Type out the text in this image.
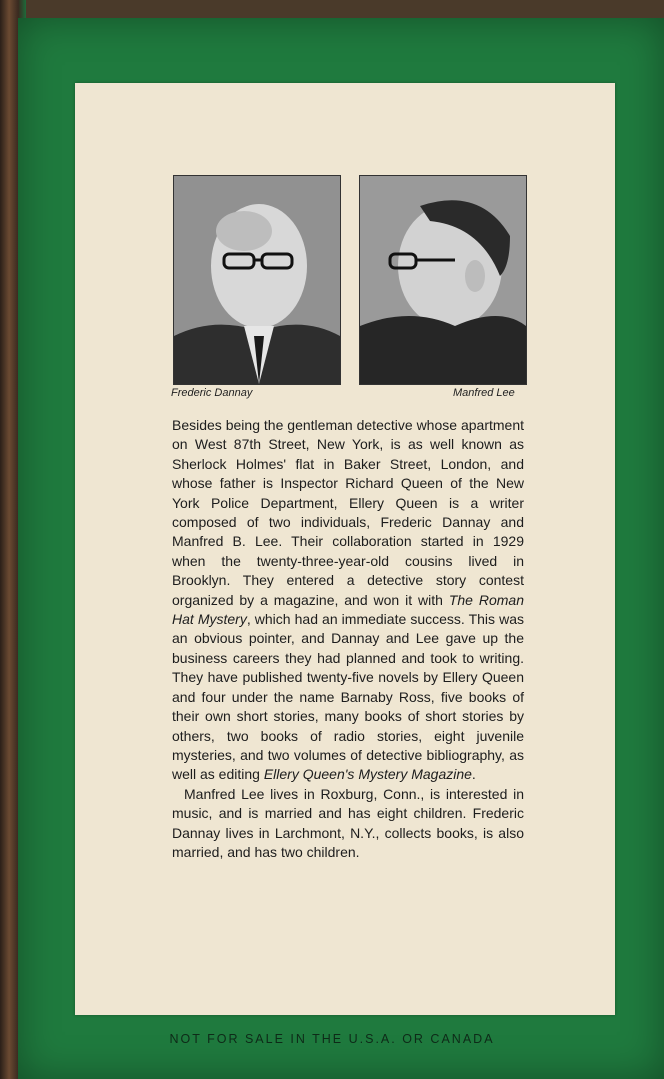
Frederic Dannay	Manfred Lee

Besides being the gentleman detective whose apartment on West 87th Street, New York, is as well known as Sherlock Holmes' flat in Baker Street, London, and whose father is Inspector Richard Queen of the New York Police Department, Ellery Queen is a writer composed of two individuals, Frederic Dannay and Manfred B. Lee. Their collaboration started in 1929 when the twenty-three-year-old cousins lived in Brooklyn. They entered a detective story contest organized by a magazine, and won it with The Roman Hat Mystery, which had an immediate success. This was an obvious pointer, and Dannay and Lee gave up the business careers they had planned and took to writing. They have published twenty-five novels by Ellery Queen and four under the name Barnaby Ross, five books of their own short stories, many books of short stories by others, two books of radio stories, eight juvenile mysteries, and two volumes of detective bibliography, as well as editing Ellery Queen's Mystery Magazine.

Manfred Lee lives in Roxburg, Conn., is interested in music, and is married and has eight children. Frederic Dannay lives in Larchmont, N.Y., collects books, is also married, and has two children.

NOT FOR SALE IN THE U.S.A. OR CANADA
